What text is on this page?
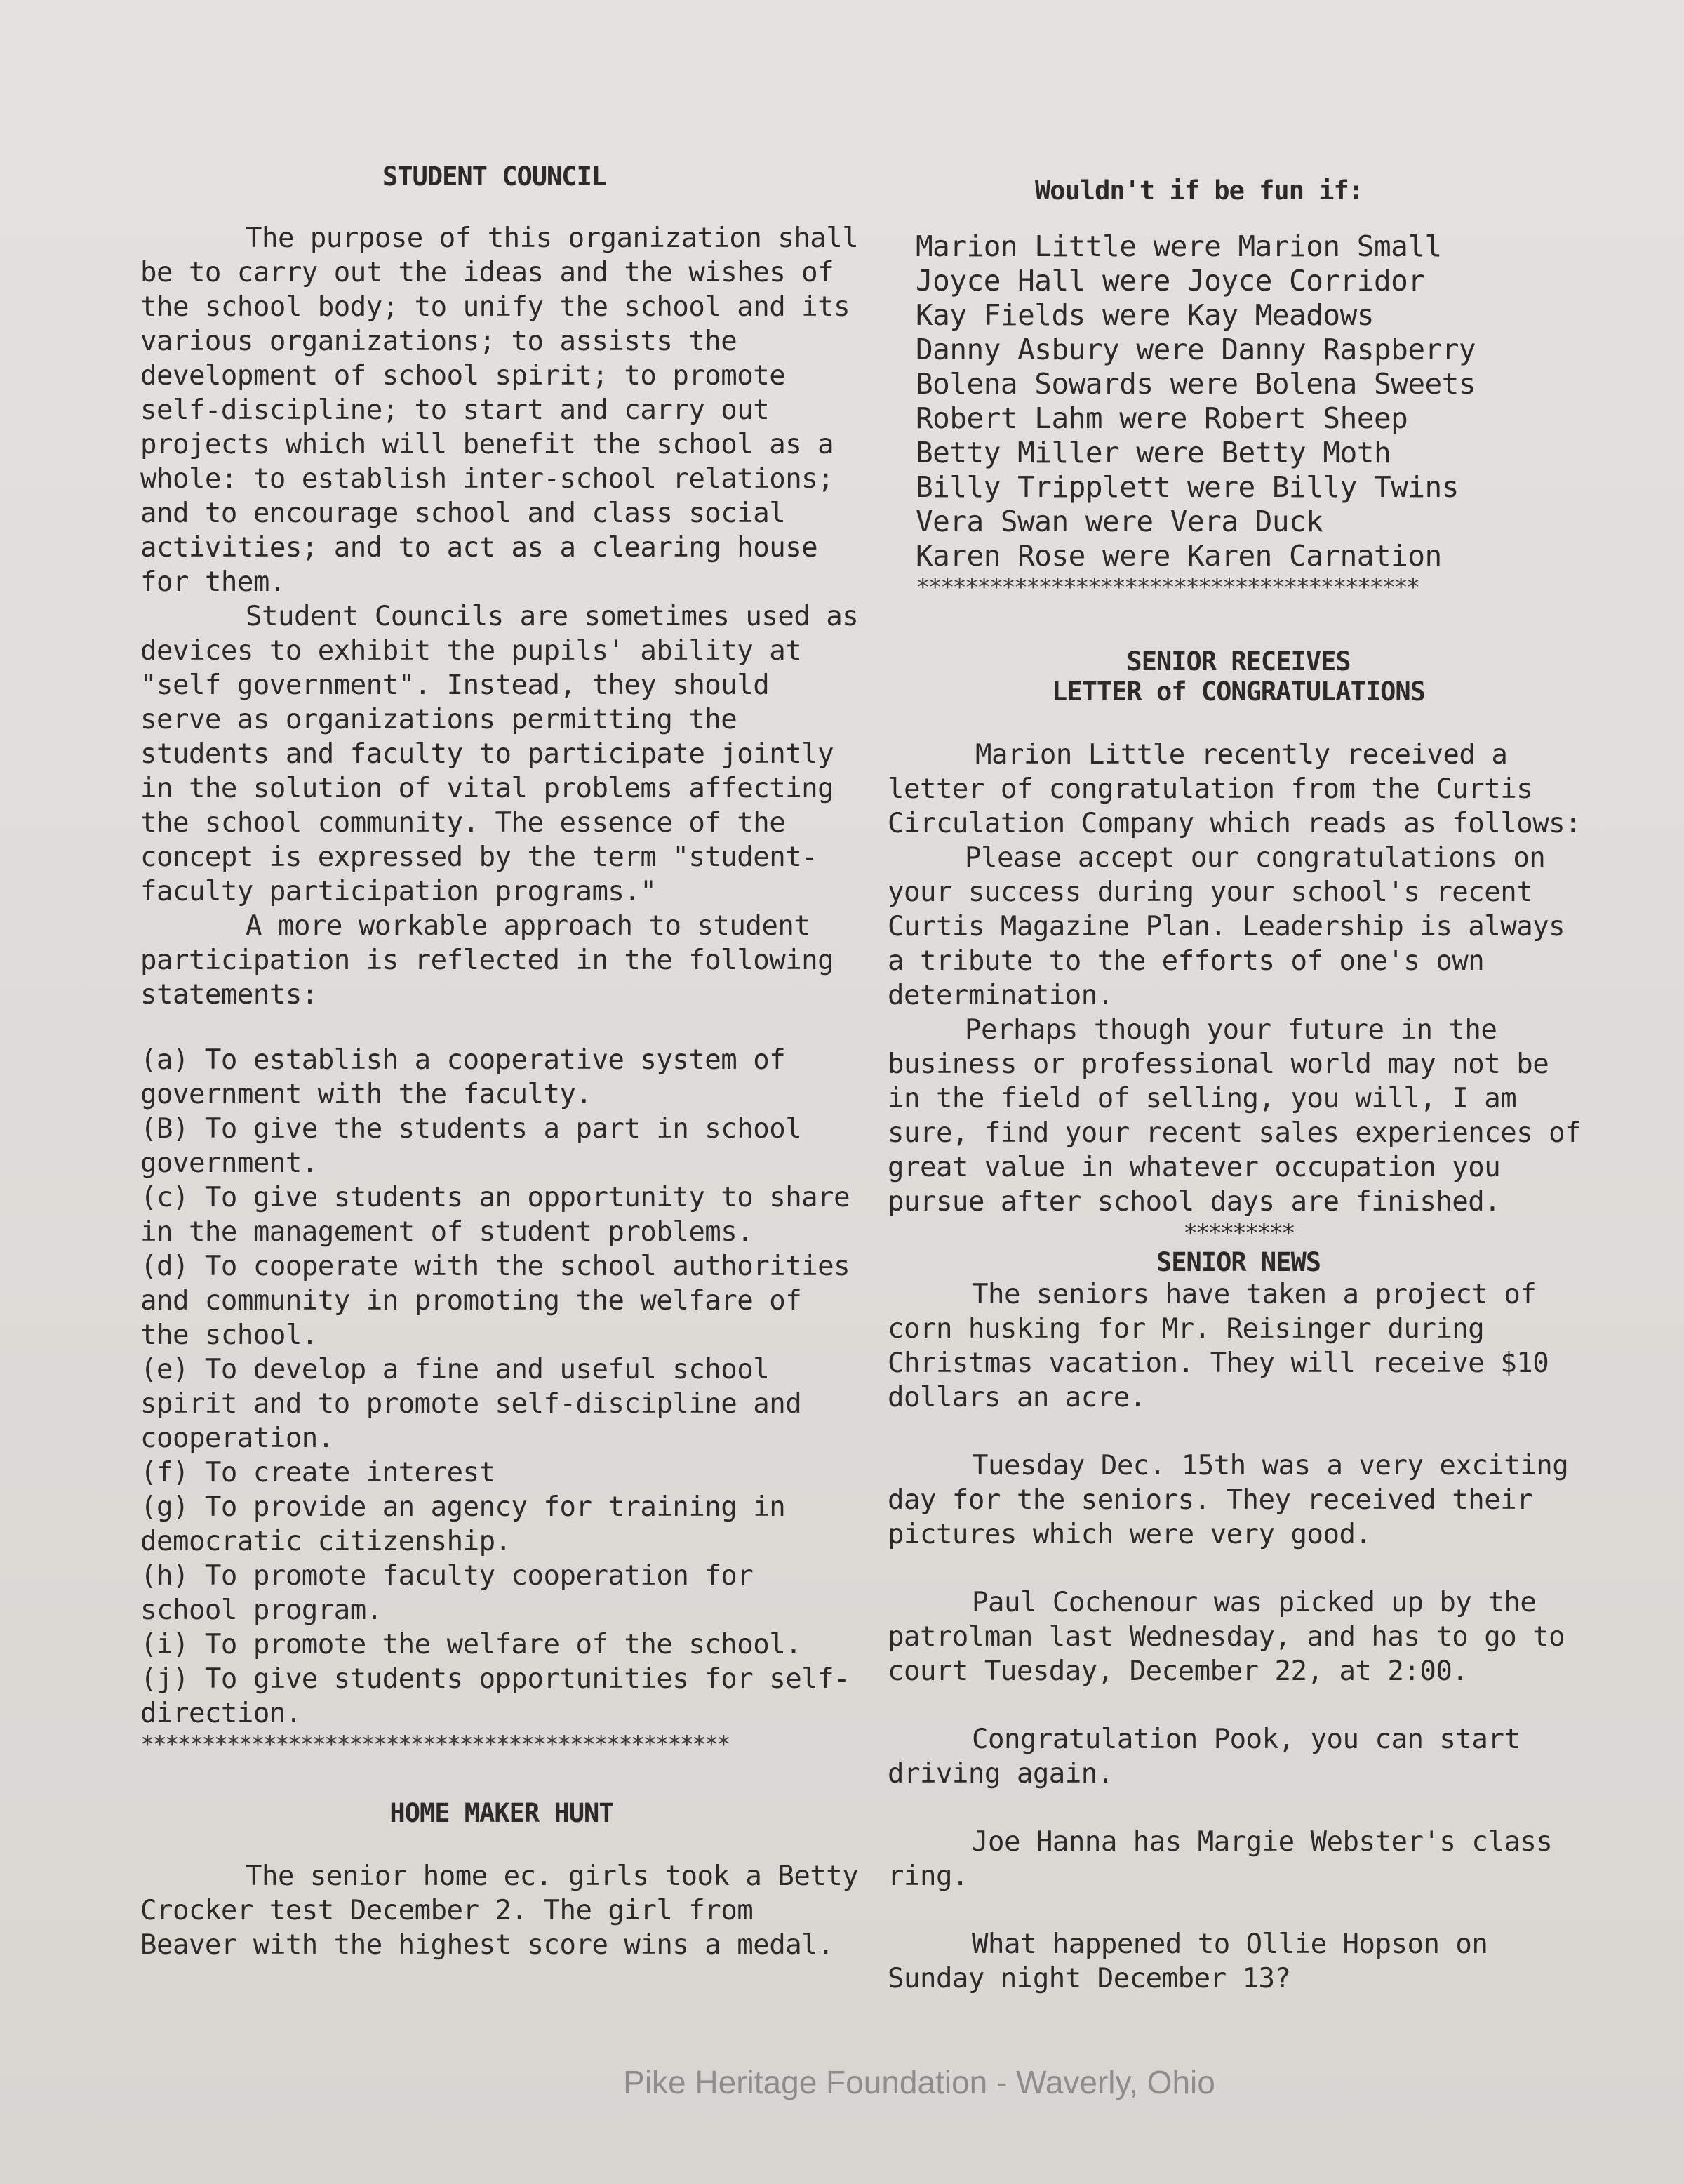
STUDENT COUNCIL

The purpose of this organization shall be to carry out the ideas and the wishes of the school body; to unify the school and its various organizations; to assists the development of school spirit; to promote self-discipline; to start and carry out projects which will benefit the school as a whole: to establish inter-school relations; and to encourage school and class social activities; and to act as a clearing house for them.

Student Councils are sometimes used as devices to exhibit the pupils' ability at "self government". Instead, they should serve as organizations permitting the students and faculty to participate jointly in the solution of vital problems affecting the school community. The essence of the concept is expressed by the term "student-faculty participation programs."

A more workable approach to student participation is reflected in the following statements:

(a) To establish a cooperative system of government with the faculty.

(B) To give the students a part in school government.

(c) To give students an opportunity to share in the management of student problems.

(d) To cooperate with the school authorities and community in promoting the welfare of the school.

(e) To develop a fine and useful school spirit and to promote self-discipline and cooperation.

(f) To create interest

(g) To provide an agency for training in democratic citizenship.

(h) To promote faculty cooperation for school program.

(i) To promote the welfare of the school.

(j) To give students opportunities for self-direction.

************************************************
HOME MAKER HUNT

The senior home ec. girls took a Betty Crocker test December 2. The girl from Beaver with the highest score wins a medal.

Wouldn't if be fun if:
Marion Little were Marion Small
Joyce Hall were Joyce Corridor
Kay Fields were Kay Meadows
Danny Asbury were Danny Raspberry
Bolena Sowards were Bolena Sweets
Robert Lahm were Robert Sheep
Betty Miller were Betty Moth
Billy Tripplett were Billy Twins
Vera Swan were Vera Duck
Karen Rose were Karen Carnation
*****************************************
SENIOR RECEIVES
LETTER of CONGRATULATIONS

Marion Little recently received a letter of congratulation from the Curtis Circulation Company which reads as follows:

Please accept our congratulations on your success during your school's recent Curtis Magazine Plan. Leadership is always a tribute to the efforts of one's own determination.

Perhaps though your future in the business or professional world may not be in the field of selling, you will, I am sure, find your recent sales experiences of great value in whatever occupation you pursue after school days are finished.

*********
SENIOR NEWS

The seniors have taken a project of corn husking for Mr. Reisinger during Christmas vacation. They will receive $10 dollars an acre.

Tuesday Dec. 15th was a very exciting day for the seniors. They received their pictures which were very good.

Paul Cochenour was picked up by the patrolman last Wednesday, and has to go to court Tuesday, December 22, at 2:00.

Congratulation Pook, you can start driving again.

Joe Hanna has Margie Webster's class ring.

What happened to Ollie Hopson on Sunday night December 13?

Pike Heritage Foundation - Waverly, Ohio
